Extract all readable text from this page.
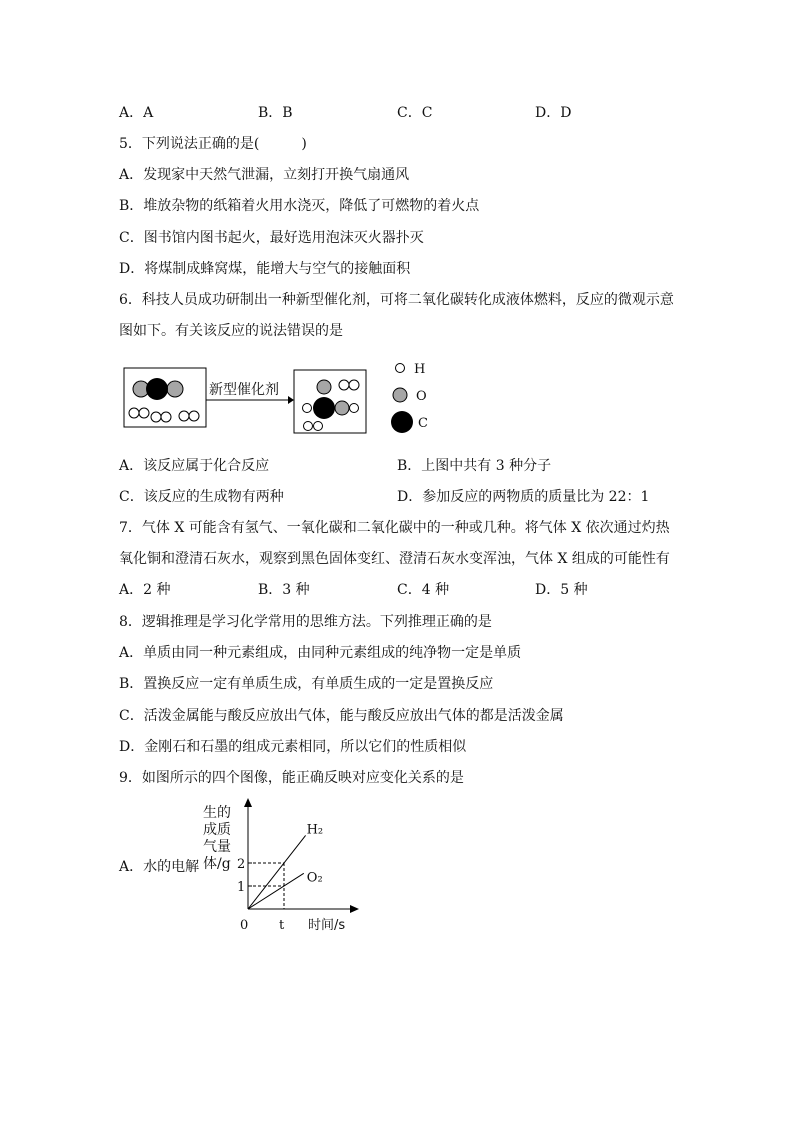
A．A	B．B	C．C	D．D
5．下列说法正确的是(　　　)
A．发现家中天然气泄漏，立刻打开换气扇通风
B．堆放杂物的纸箱着火用水浇灭，降低了可燃物的着火点
C．图书馆内图书起火，最好选用泡沫灭火器扑灭
D．将煤制成蜂窝煤，能增大与空气的接触面积
6．科技人员成功研制出一种新型催化剂，可将二氧化碳转化成液体燃料，反应的微观示意
图如下。有关该反应的说法错误的是
新型催化剂
H
O
C
A．该反应属于化合反应	B．上图中共有 3 种分子
C．该反应的生成物有两种	D．参加反应的两物质的质量比为 22：1
7．气体 X 可能含有氢气、一氧化碳和二氧化碳中的一种或几种。将气体 X 依次通过灼热
氧化铜和澄清石灰水，观察到黑色固体变红、澄清石灰水变浑浊，气体 X 组成的可能性有
A．2 种	B．3 种	C．4 种	D．5 种
8．逻辑推理是学习化学常用的思维方法。下列推理正确的是
A．单质由同一种元素组成，由同种元素组成的纯净物一定是单质
B．置换反应一定有单质生成，有单质生成的一定是置换反应
C．活泼金属能与酸反应放出气体，能与酸反应放出气体的都是活泼金属
D．金刚石和石墨的组成元素相同，所以它们的性质相似
9．如图所示的四个图像，能正确反映对应变化关系的是
A．水的电解
生的
成质
气量
体/g
1
2
H₂
O₂
0 t 时间/s
